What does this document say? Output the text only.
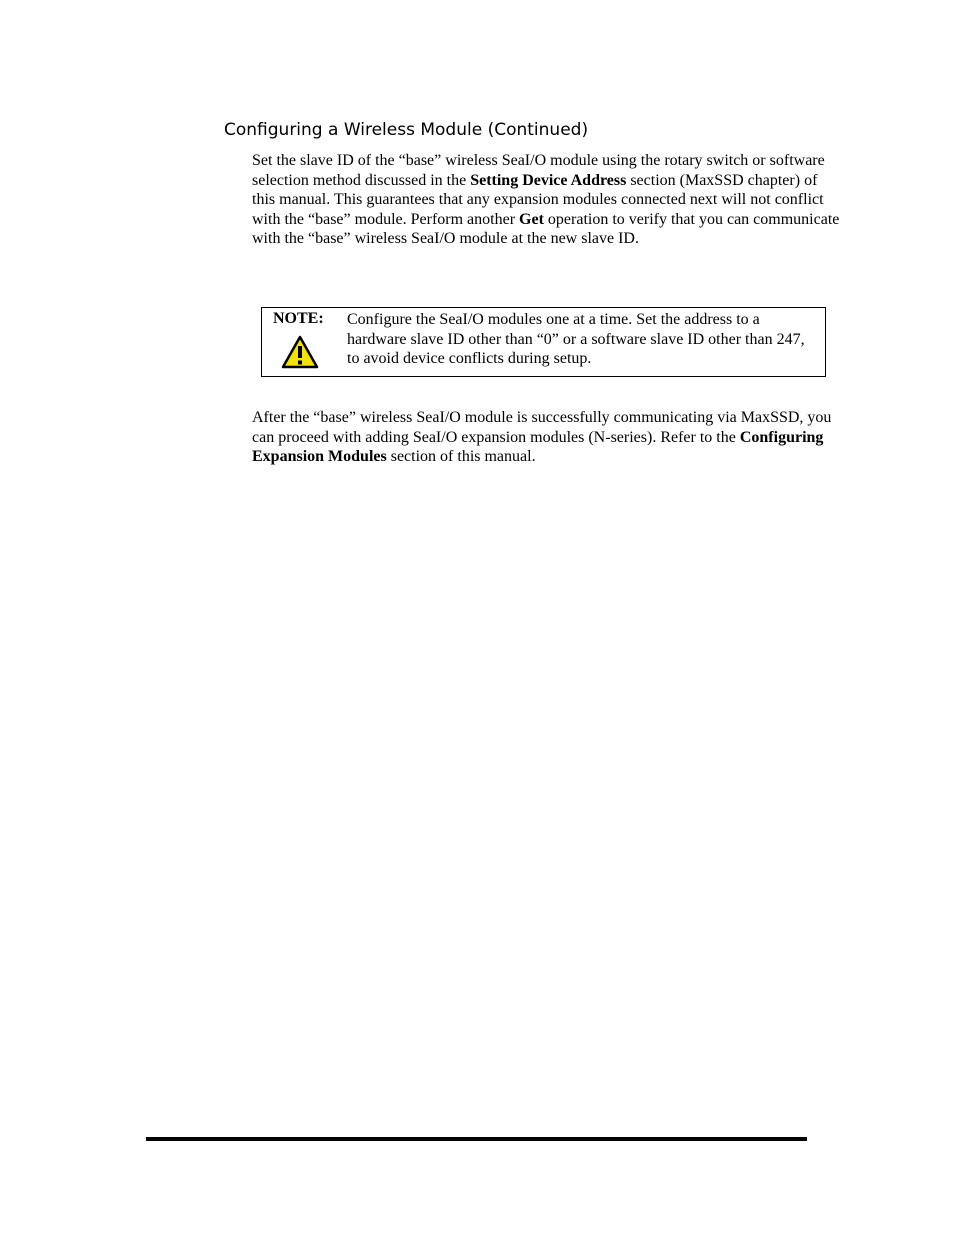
Configuring a Wireless Module (Continued)

Set the slave ID of the “base” wireless SeaI/O module using the rotary switch or software selection method discussed in the Setting Device Address section (MaxSSD chapter) of this manual. This guarantees that any expansion modules connected next will not conflict with the “base” module. Perform another Get operation to verify that you can communicate with the “base” wireless SeaI/O module at the new slave ID.

NOTE: Configure the SeaI/O modules one at a time. Set the address to a hardware slave ID other than “0” or a software slave ID other than 247, to avoid device conflicts during setup.

After the “base” wireless SeaI/O module is successfully communicating via MaxSSD, you can proceed with adding SeaI/O expansion modules (N-series). Refer to the Configuring Expansion Modules section of this manual.
